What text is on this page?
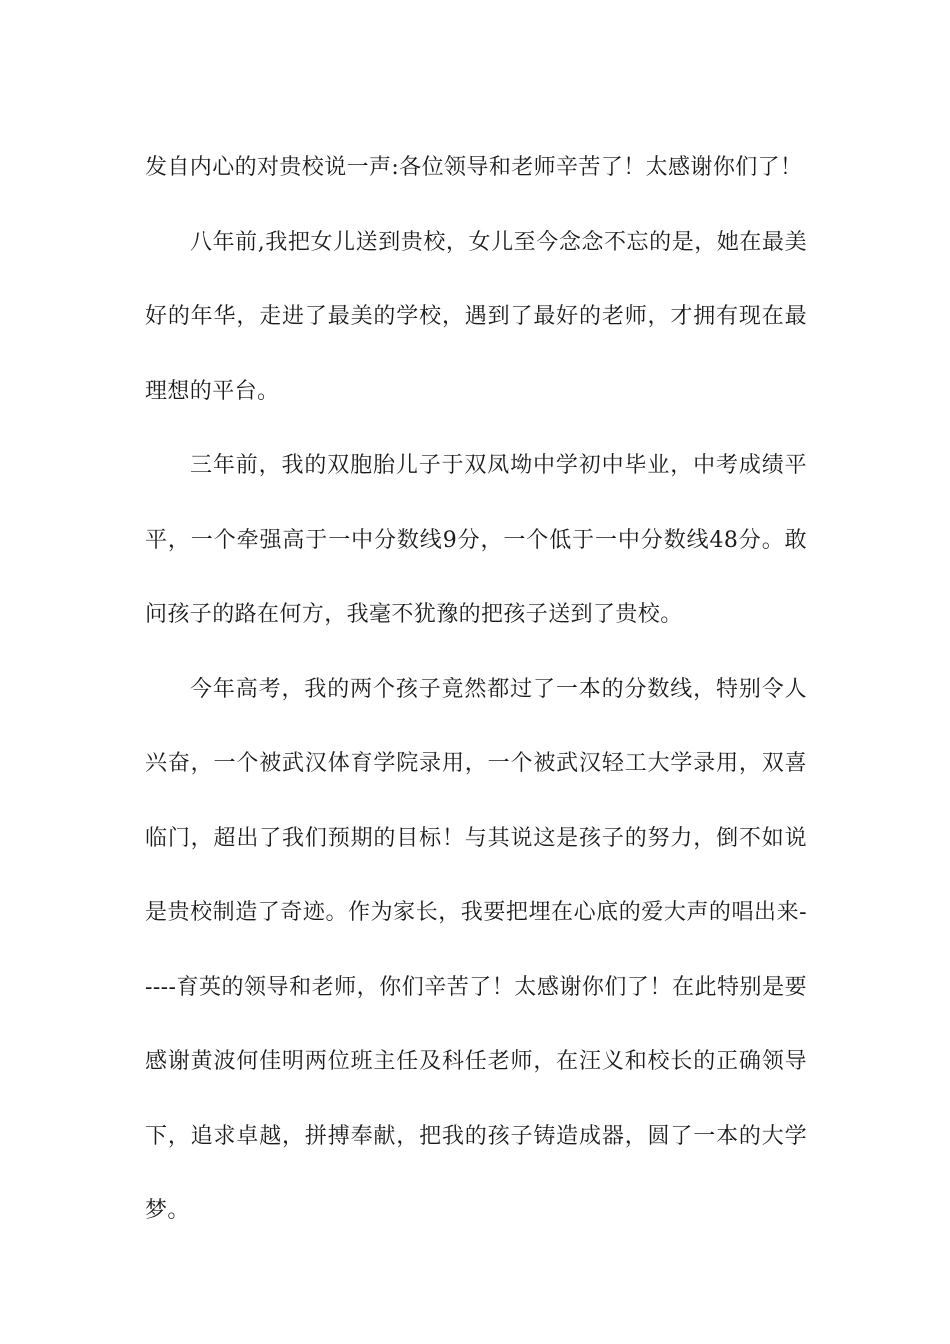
发自内心的对贵校说一声:各位领导和老师辛苦了！太感谢你们了！

八年前,我把女儿送到贵校，女儿至今念念不忘的是，她在最美好的年华，走进了最美的学校，遇到了最好的老师，才拥有现在最理想的平台。

三年前，我的双胞胎儿子于双凤坳中学初中毕业，中考成绩平平，一个牵强高于一中分数线9分，一个低于一中分数线48分。敢问孩子的路在何方，我毫不犹豫的把孩子送到了贵校。

今年高考，我的两个孩子竟然都过了一本的分数线，特别令人兴奋，一个被武汉体育学院录用，一个被武汉轻工大学录用，双喜临门，超出了我们预期的目标！与其说这是孩子的努力，倒不如说是贵校制造了奇迹。作为家长，我要把埋在心底的爱大声的唱出来-----育英的领导和老师，你们辛苦了！太感谢你们了！在此特别是要感谢黄波何佳明两位班主任及科任老师，在汪义和校长的正确领导下，追求卓越，拼搏奉献，把我的孩子铸造成器，圆了一本的大学梦。
